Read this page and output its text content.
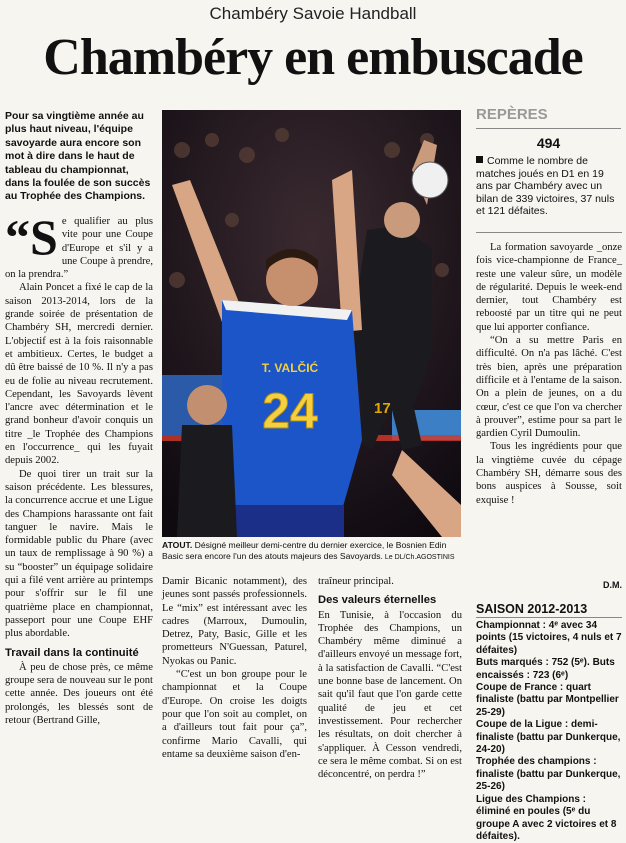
Chambéry Savoie Handball
Chambéry en embuscade
Pour sa vingtième année au plus haut niveau, l'équipe savoyarde aura encore son mot à dire dans le haut de tableau du championnat, dans la foulée de son succès au Trophée des Champions.

“S e qualifier au plus vite pour une Coupe d'Europe et s'il y a une Coupe à prendre, on la prendra.”

Alain Poncet a fixé le cap de la saison 2013-2014, lors de la grande soirée de présentation de Chambéry SH, mercredi dernier. L'objectif est à la fois raisonnable et ambitieux. Certes, le budget a dû être baissé de 10 %. Il n'y a pas eu de folie au niveau recrutement. Cependant, les Savoyards lèvent l'ancre avec détermination et le grand bonheur d'avoir conquis un titre _le Trophée des Champions en l'occurrence_ qui les fuyait depuis 2002.

De quoi tirer un trait sur la saison précédente. Les blessures, la concurrence accrue et une Ligue des Champions harassante ont fait tanguer le navire. Mais le formidable public du Phare (avec un taux de remplissage à 90 %) a su “booster” un équipage solidaire qui a filé vent arrière au printemps pour s'offrir sur le fil une quatrième place en championnat, passeport pour une Coupe EHF plus abordable.

Travail dans la continuité

À peu de chose près, ce même groupe sera de nouveau sur le pont cette année. Des joueurs ont été prolongés, les blessés sont de retour (Bertrand Gille,

17
T. VALČIĆ
24
ATOUT. Désigné meilleur demi-centre du dernier exercice, le Bosnien Edin Basic sera encore l'un des atouts majeurs des Savoyards. Le DL/Ch.AGOSTINIS

Damir Bicanic notamment), des jeunes sont passés professionnels. Le “mix” est intéressant avec les cadres (Marroux, Dumoulin, Detrez, Paty, Basic, Gille et les prometteurs N'Guessan, Paturel, Nyokas ou Panic.

“C'est un bon groupe pour le championnat et la Coupe d'Europe. On croise les doigts pour que l'on soit au complet, on a d'ailleurs tout fait pour ça”, confirme Mario Cavalli, qui entame sa deuxième saison d'en-

traîneur principal.

Des valeurs éternelles

En Tunisie, à l'occasion du Trophée des Champions, un Chambéry même diminué a d'ailleurs envoyé un message fort, à la satisfaction de Cavalli. “C'est une bonne base de lancement. On sait qu'il faut que l'on garde cette qualité de jeu et cet investissement. Pour rechercher les résultats, on doit chercher à s'appliquer. À Cesson vendredi, ce sera le même combat. Si on est déconcentré, on perdra !”

REPÈRES
494
Comme le nombre de matches joués en D1 en 19 ans par Chambéry avec un bilan de 339 victoires, 37 nuls et 121 défaites.

La formation savoyarde _onze fois vice-championne de France_ reste une valeur sûre, un modèle de régularité. Depuis le week-end dernier, tout Chambéry est reboosté par un titre qui ne peut que lui apporter confiance.

“On a su mettre Paris en difficulté. On n'a pas lâché. C'est très bien, après une préparation difficile et à l'entame de la saison. On a plein de jeunes, on a du cœur, c'est ce que l'on va chercher à prouver”, estime pour sa part le gardien Cyril Dumoulin.

Tous les ingrédients pour que la vingtième cuvée du cépage Chambéry SH, démarre sous des bons auspices à Sousse, soit exquise !

D.M.
SAISON 2012-2013
Championnat : 4ᵉ avec 34 points (15 victoires, 4 nuls et 7 défaites)
Buts marqués : 752 (5ᵉ). Buts encaissés : 723 (6ᵉ)
Coupe de France : quart finaliste (battu par Montpellier 25-29)
Coupe de la Ligue : demi-finaliste (battu par Dunkerque, 24-20)
Trophée des champions : finaliste (battu par Dunkerque, 25-26)
Ligue des Champions : éliminé en poules (5ᵉ du groupe A avec 2 victoires et 8 défaites).
